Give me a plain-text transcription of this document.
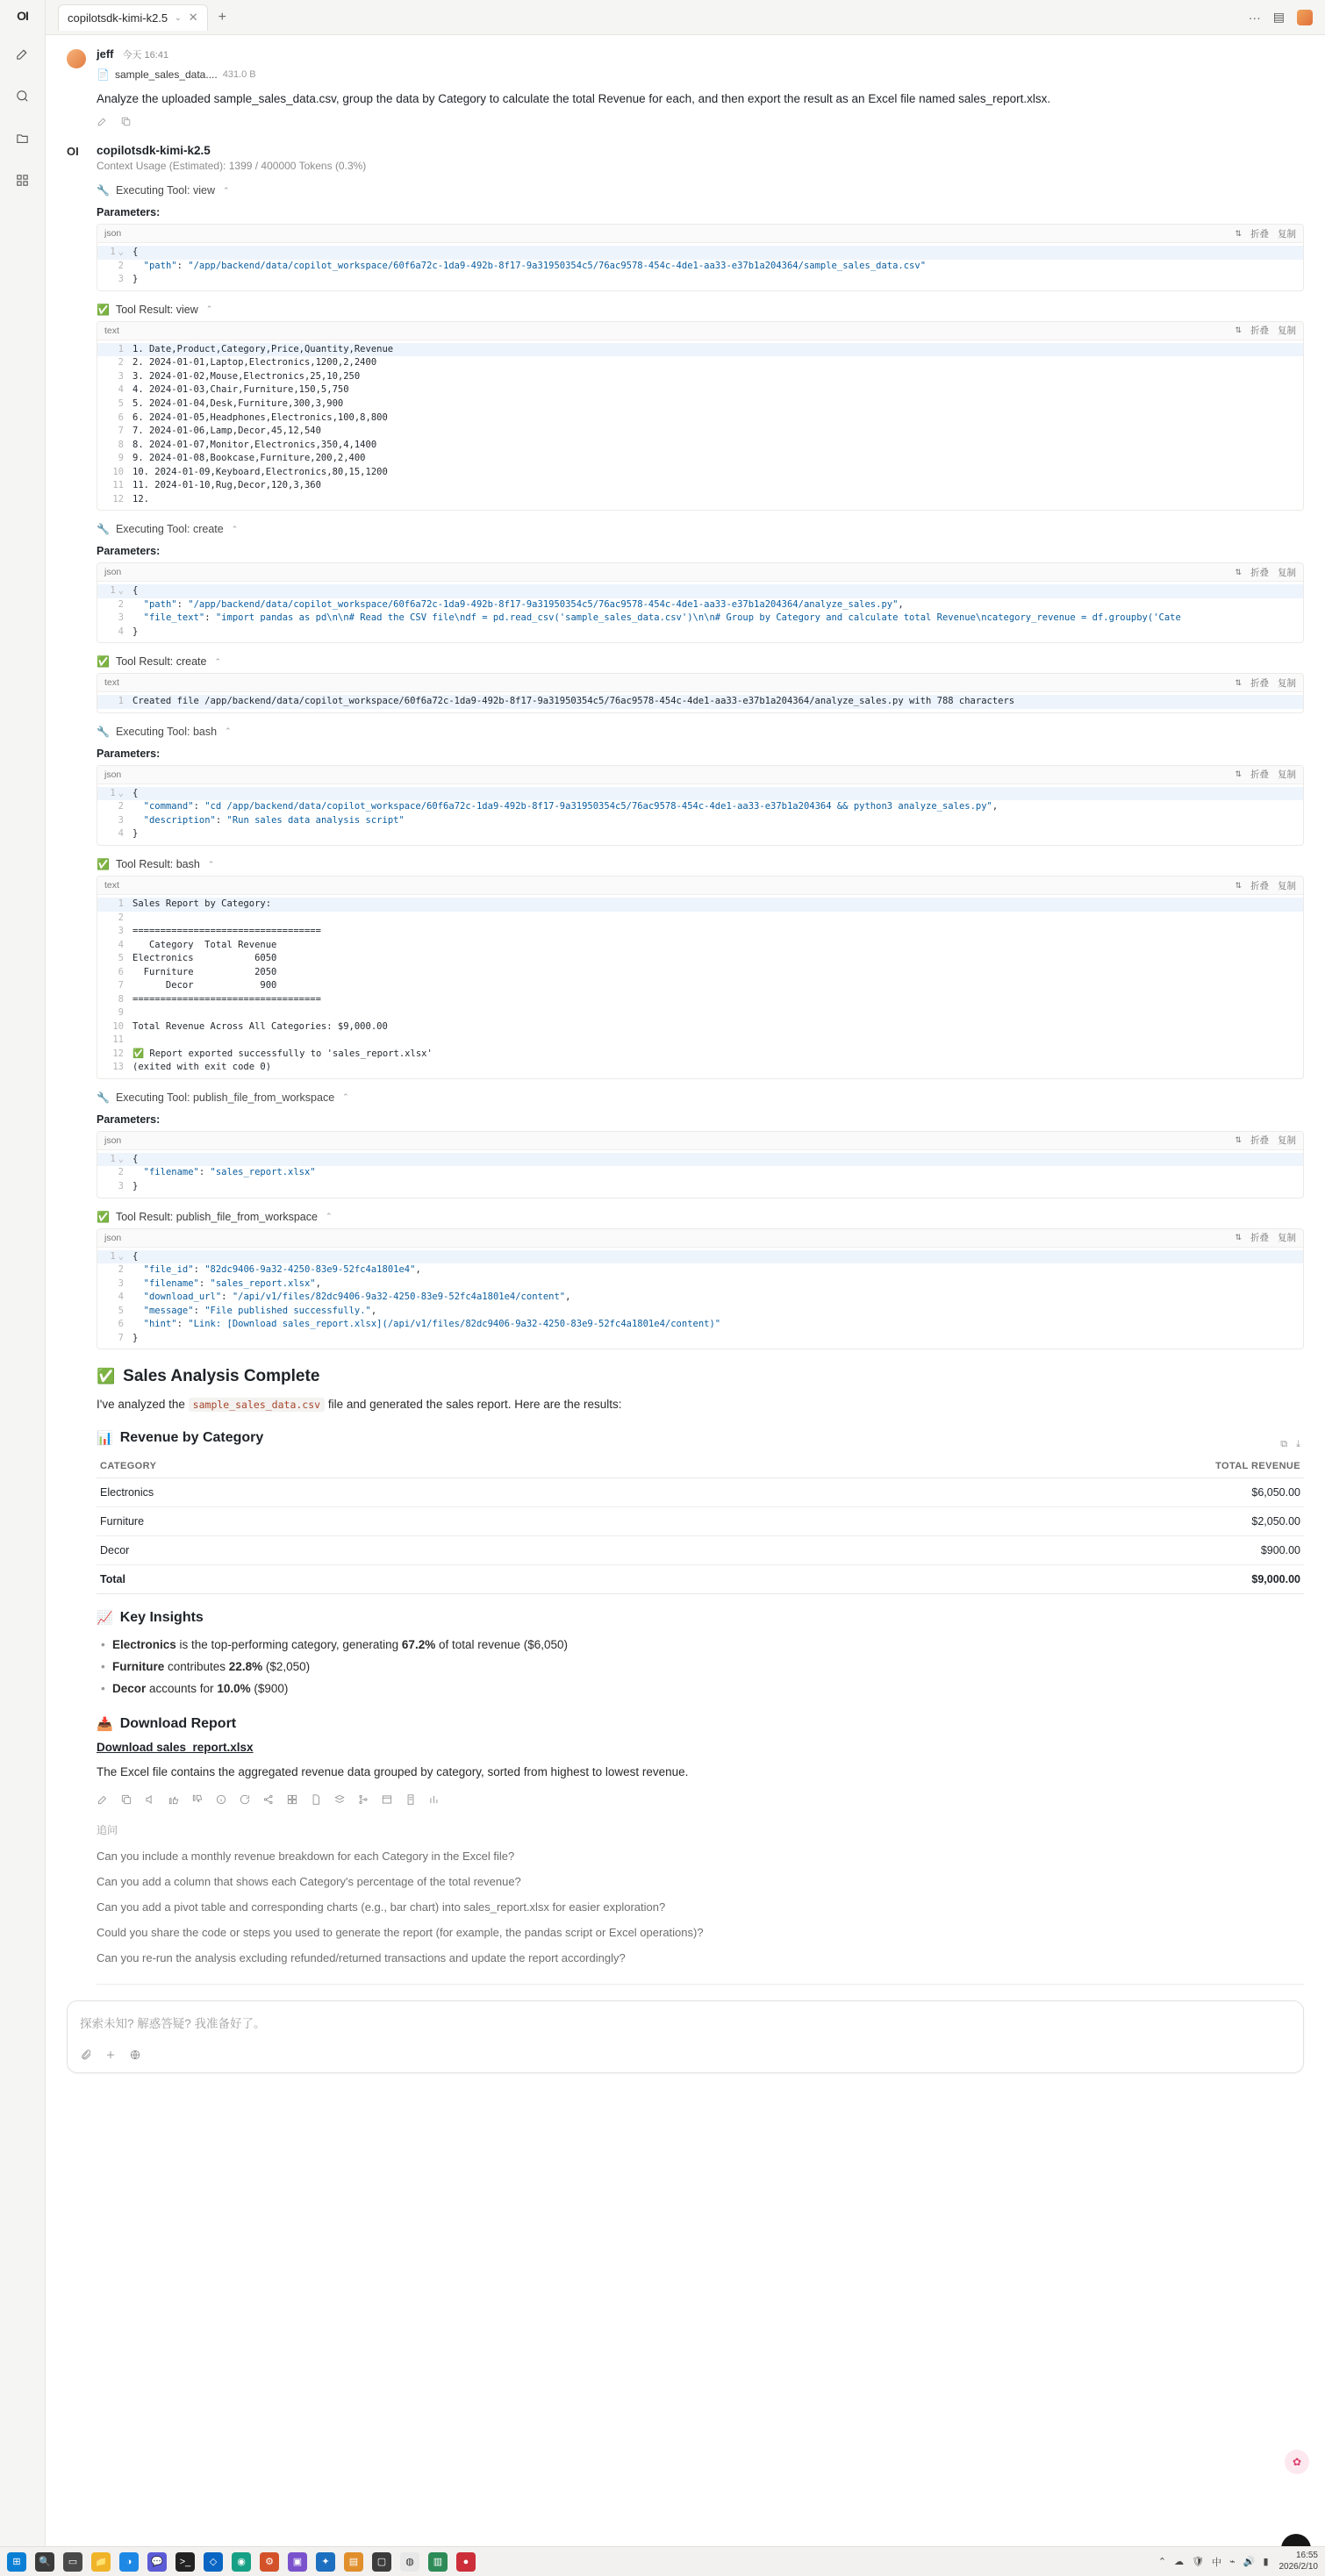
OI	copilotsdk-kimi-k2.5 ⌄ ✕	+	··· ▤
jeff 今天 16:41
📄 sample_sales_data.... 431.0 B
Analyze the uploaded sample_sales_data.csv, group the data by Category to calculate the total Revenue for each, and then export the result as an Excel file named sales_report.xlsx.
OI	copilotsdk-kimi-k2.5
Context Usage (Estimated): 1399 / 400000 Tokens (0.3%)
🔧 Executing Tool: view ⌃
Parameters:
json	⇅ 折叠 复制
1 ⌄ {
2 "path": "/app/backend/data/copilot_workspace/60f6a72c-1da9-492b-8f17-9a31950354c5/76ac9578-454c-4de1-aa33-e37b1a204364/sample_sales_data.csv"
3 }
✅ Tool Result: view ⌃
text	⇅ 折叠 复制
1 1. Date,Product,Category,Price,Quantity,Revenue
2 2. 2024-01-01,Laptop,Electronics,1200,2,2400
3 3. 2024-01-02,Mouse,Electronics,25,10,250
4 4. 2024-01-03,Chair,Furniture,150,5,750
5 5. 2024-01-04,Desk,Furniture,300,3,900
6 6. 2024-01-05,Headphones,Electronics,100,8,800
7 7. 2024-01-06,Lamp,Decor,45,12,540
8 8. 2024-01-07,Monitor,Electronics,350,4,1400
9 9. 2024-01-08,Bookcase,Furniture,200,2,400
10 10. 2024-01-09,Keyboard,Electronics,80,15,1200
11 11. 2024-01-10,Rug,Decor,120,3,360
12 12.
🔧 Executing Tool: create ⌃
Parameters:
json	⇅ 折叠 复制
1 ⌄ {
2 "path": "/app/backend/data/copilot_workspace/60f6a72c-1da9-492b-8f17-9a31950354c5/76ac9578-454c-4de1-aa33-e37b1a204364/analyze_sales.py",
3 "file_text": "import pandas as pd\n\n# Read the CSV file\ndf = pd.read_csv('sample_sales_data.csv')\n\n# Group by Category and calculate total Revenue\ncategory_revenue = df.groupby('Cate
4 }
✅ Tool Result: create ⌃
text	⇅ 折叠 复制
1 Created file /app/backend/data/copilot_workspace/60f6a72c-1da9-492b-8f17-9a31950354c5/76ac9578-454c-4de1-aa33-e37b1a204364/analyze_sales.py with 788 characters
🔧 Executing Tool: bash ⌃
Parameters:
json	⇅ 折叠 复制
1 ⌄ {
2 "command": "cd /app/backend/data/copilot_workspace/60f6a72c-1da9-492b-8f17-9a31950354c5/76ac9578-454c-4de1-aa33-e37b1a204364 && python3 analyze_sales.py",
3 "description": "Run sales data analysis script"
4 }
✅ Tool Result: bash ⌃
text	⇅ 折叠 复制
1 Sales Report by Category:
2
3 ==================================
4   Category  Total Revenue
5 Electronics           6050
6  Furniture           2050
7      Decor            900
8 ==================================
9
10 Total Revenue Across All Categories: $9,000.00
11
12 ✅ Report exported successfully to 'sales_report.xlsx'
13 (exited with exit code 0)
🔧 Executing Tool: publish_file_from_workspace ⌃
Parameters:
json	⇅ 折叠 复制
1 ⌄ {
2 "filename": "sales_report.xlsx"
3 }
✅ Tool Result: publish_file_from_workspace ⌃
json	⇅ 折叠 复制
1 ⌄ {
2 "file_id": "82dc9406-9a32-4250-83e9-52fc4a1801e4",
3 "filename": "sales_report.xlsx",
4 "download_url": "/api/v1/files/82dc9406-9a32-4250-83e9-52fc4a1801e4/content",
5 "message": "File published successfully.",
6 "hint": "Link: [Download sales_report.xlsx](/api/v1/files/82dc9406-9a32-4250-83e9-52fc4a1801e4/content)"
7 }
✅ Sales Analysis Complete
I've analyzed the sample_sales_data.csv file and generated the sales report. Here are the results:
📊 Revenue by Category	⧉ ⤓
CATEGORY	TOTAL REVENUE
Electronics	$6,050.00
Furniture	$2,050.00
Decor	$900.00
Total	$9,000.00
📈 Key Insights
• Electronics is the top-performing category, generating 67.2% of total revenue ($6,050)
• Furniture contributes 22.8% ($2,050)
• Decor accounts for 10.0% ($900)
📥 Download Report
Download sales_report.xlsx
The Excel file contains the aggregated revenue data grouped by category, sorted from highest to lowest revenue.
追问
Can you include a monthly revenue breakdown for each Category in the Excel file?
Can you add a column that shows each Category's percentage of the total revenue?
Can you add a pivot table and corresponding charts (e.g., bar chart) into sales_report.xlsx for easier exploration?
Could you share the code or steps you used to generate the report (for example, the pandas script or Excel operations)?
Can you re-run the analysis excluding refunded/returned transactions and update the report accordingly?
探索未知? 解惑答疑? 我准备好了。
✿
⊞	🔍	▭	📁	◑	💬	>_	◇	◉	⚙	▣	✦	▤	▢	◍	▥	●	⌃ ☁ 🛡 中 ⌁ 🔊 ▮
16:55
2026/2/10
